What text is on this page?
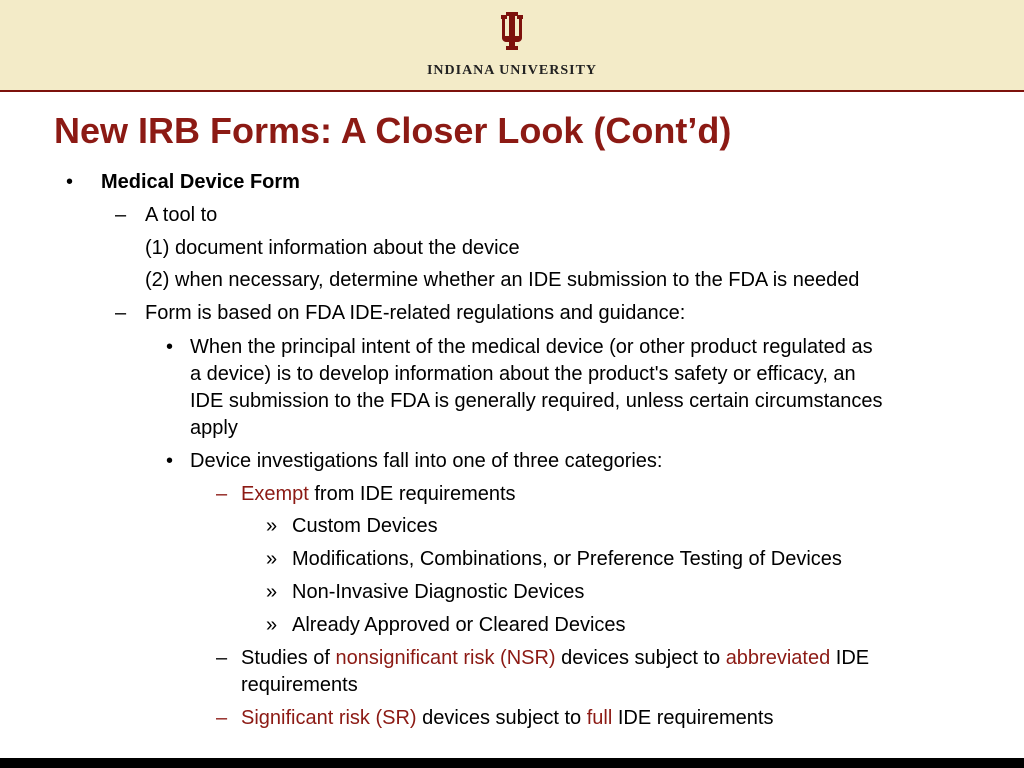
INDIANA UNIVERSITY
New IRB Forms: A Closer Look (Cont’d)
• Medical Device Form
– A tool to
(1) document information about the device
(2) when necessary, determine whether an IDE submission to the FDA is needed
– Form is based on FDA IDE-related regulations and guidance:
• When the principal intent of the medical device (or other product regulated as
a device) is to develop information about the product's safety or efficacy, an
IDE submission to the FDA is generally required, unless certain circumstances
apply
• Device investigations fall into one of three categories:
– Exempt from IDE requirements
» Custom Devices
» Modifications, Combinations, or Preference Testing of Devices
» Non-Invasive Diagnostic Devices
» Already Approved or Cleared Devices
– Studies of nonsignificant risk (NSR) devices subject to abbreviated IDE
requirements
– Significant risk (SR) devices subject to full IDE requirements
